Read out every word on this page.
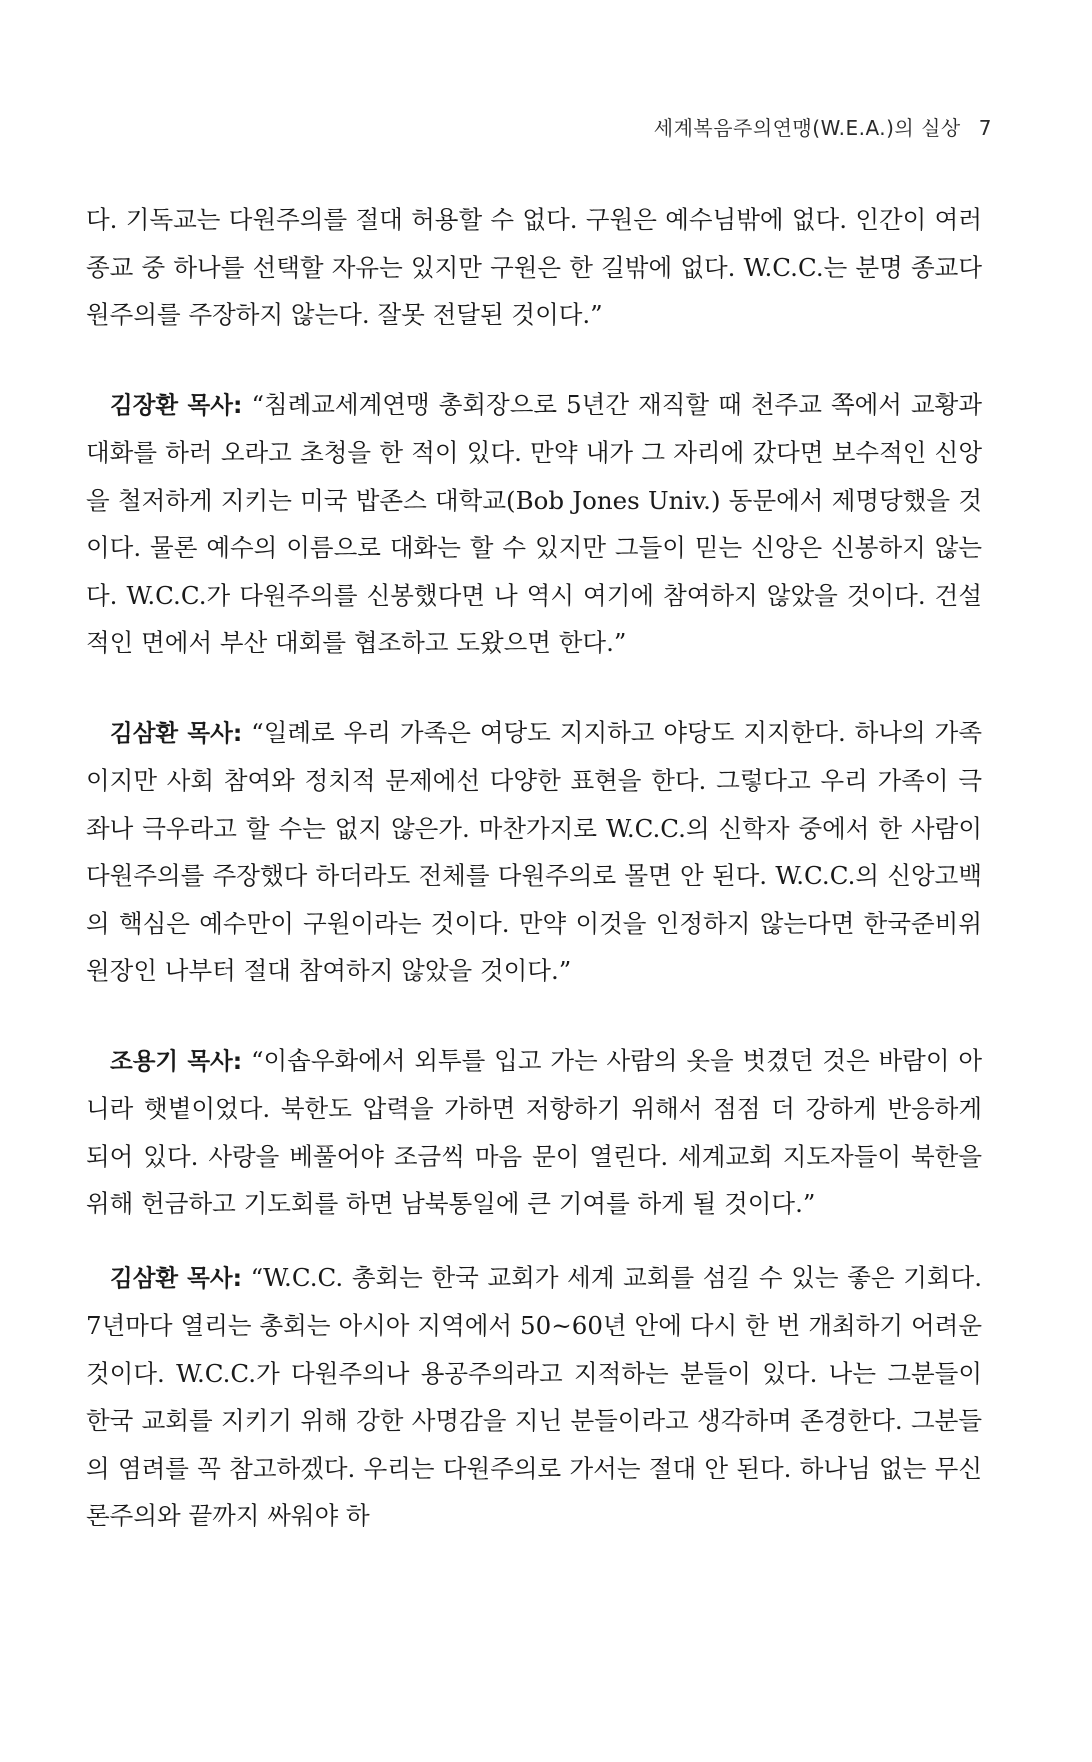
세계복음주의연맹(W.E.A.)의 실상 7

다. 기독교는 다원주의를 절대 허용할 수 없다. 구원은 예수님밖에 없다. 인간이 여러 종교 중 하나를 선택할 자유는 있지만 구원은 한 길밖에 없다. W.C.C.는 분명 종교다원주의를 주장하지 않는다. 잘못 전달된 것이다.”

김장환 목사: “침례교세계연맹 총회장으로 5년간 재직할 때 천주교 쪽에서 교황과 대화를 하러 오라고 초청을 한 적이 있다. 만약 내가 그 자리에 갔다면 보수적인 신앙을 철저하게 지키는 미국 밥존스 대학교(Bob Jones Univ.) 동문에서 제명당했을 것이다. 물론 예수의 이름으로 대화는 할 수 있지만 그들이 믿는 신앙은 신봉하지 않는다. W.C.C.가 다원주의를 신봉했다면 나 역시 여기에 참여하지 않았을 것이다. 건설적인 면에서 부산 대회를 협조하고 도왔으면 한다.”

김삼환 목사: “일례로 우리 가족은 여당도 지지하고 야당도 지지한다. 하나의 가족이지만 사회 참여와 정치적 문제에선 다양한 표현을 한다. 그렇다고 우리 가족이 극좌나 극우라고 할 수는 없지 않은가. 마찬가지로 W.C.C.의 신학자 중에서 한 사람이 다원주의를 주장했다 하더라도 전체를 다원주의로 몰면 안 된다. W.C.C.의 신앙고백의 핵심은 예수만이 구원이라는 것이다. 만약 이것을 인정하지 않는다면 한국준비위원장인 나부터 절대 참여하지 않았을 것이다.”

조용기 목사: “이솝우화에서 외투를 입고 가는 사람의 옷을 벗겼던 것은 바람이 아니라 햇볕이었다. 북한도 압력을 가하면 저항하기 위해서 점점 더 강하게 반응하게 되어 있다. 사랑을 베풀어야 조금씩 마음 문이 열린다. 세계교회 지도자들이 북한을 위해 헌금하고 기도회를 하면 남북통일에 큰 기여를 하게 될 것이다.”

김삼환 목사: “W.C.C. 총회는 한국 교회가 세계 교회를 섬길 수 있는 좋은 기회다. 7년마다 열리는 총회는 아시아 지역에서 50~60년 안에 다시 한 번 개최하기 어려운 것이다. W.C.C.가 다원주의나 용공주의라고 지적하는 분들이 있다. 나는 그분들이 한국 교회를 지키기 위해 강한 사명감을 지닌 분들이라고 생각하며 존경한다. 그분들의 염려를 꼭 참고하겠다. 우리는 다원주의로 가서는 절대 안 된다. 하나님 없는 무신론주의와 끝까지 싸워야 하
